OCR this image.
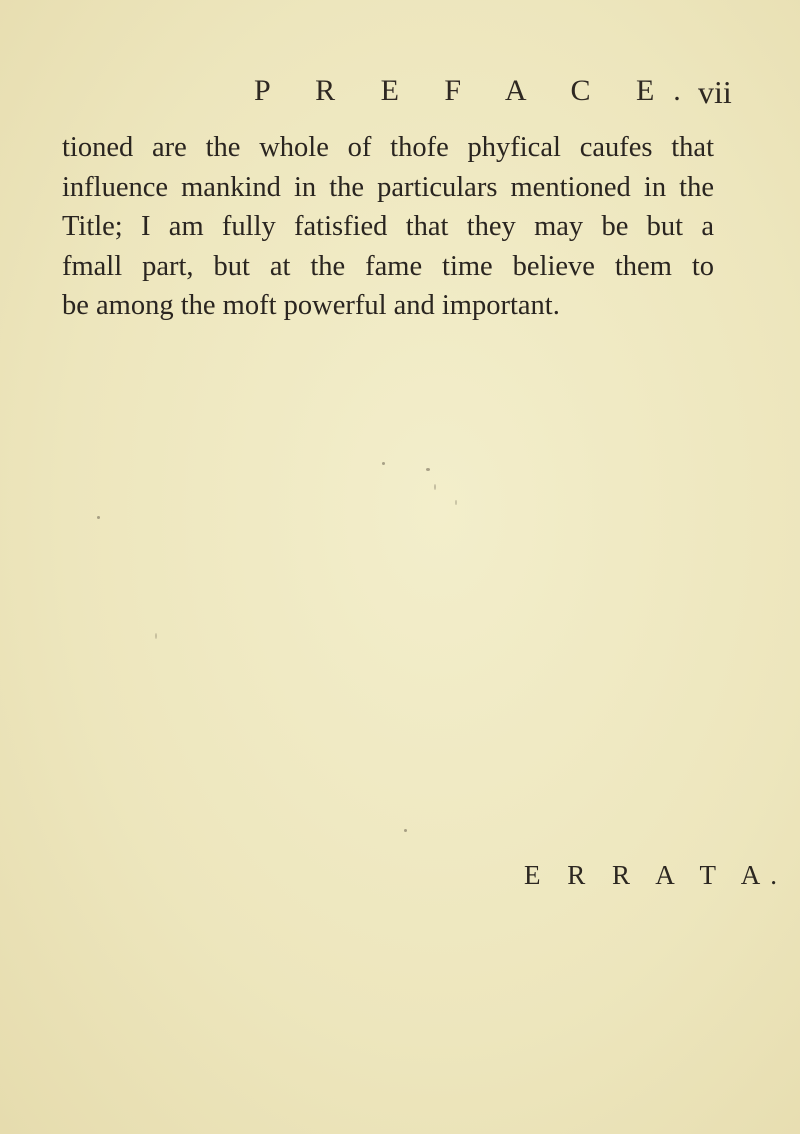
P R E F A C E.
vii
tioned are the whole of thofe phyfical caufes that
influence mankind in the particulars mentioned in the
Title; I am fully fatisfied that they may be but a
fmall part, but at the fame time believe them to
be among the moft powerful and important.
E R R A T A.
